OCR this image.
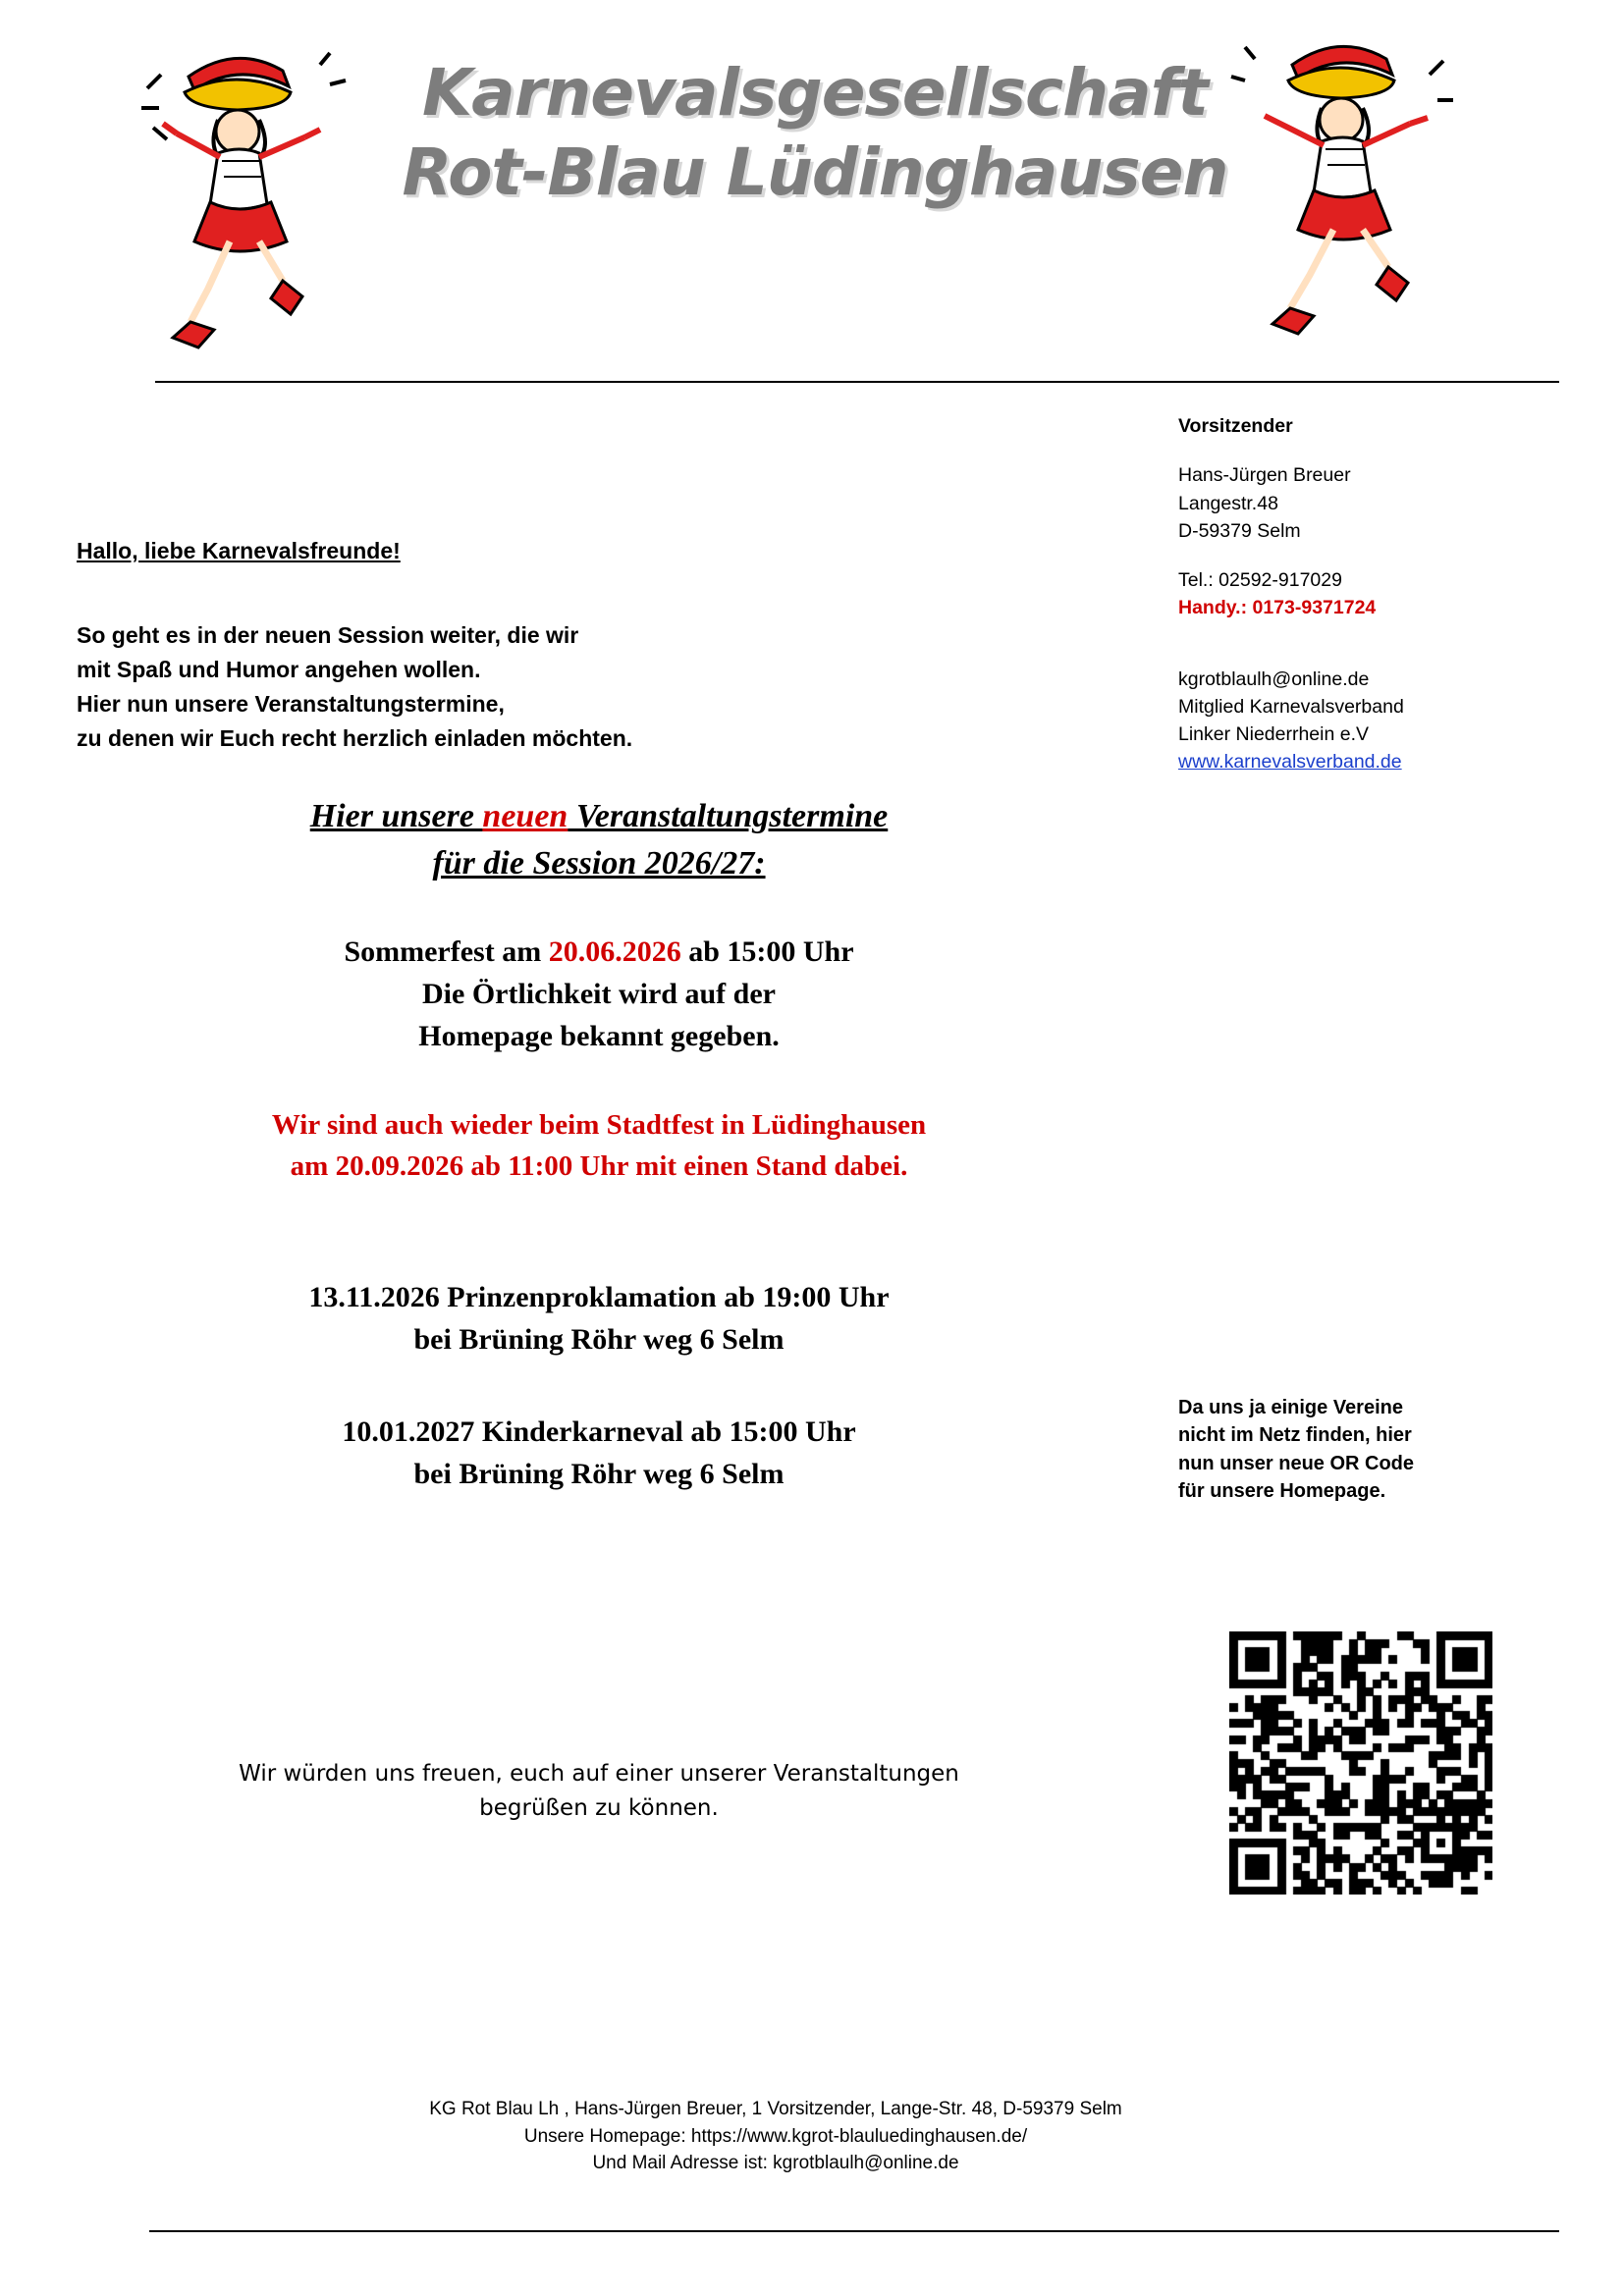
Karnevalsgesellschaft
Rot-Blau Lüdinghausen
Vorsitzender
Hans-Jürgen Breuer
Langestr.48
D-59379 Selm
Tel.: 02592-917029
Handy.: 0173-9371724
kgrotblaulh@online.de
Mitglied Karnevalsverband
Linker Niederrhein e.V
www.karnevalsverband.de
Da uns ja einige Vereine
nicht im Netz finden, hier
nun unser neue OR Code
für unsere Homepage.
Hallo, liebe Karnevalsfreunde!
So geht es in der neuen Session weiter, die wir
mit Spaß und Humor angehen wollen.
Hier nun unsere Veranstaltungstermine,
zu denen wir Euch recht herzlich einladen möchten.
Hier unsere neuen Veranstaltungstermine
für die Session 2026/27:
Sommerfest am 20.06.2026 ab 15:00 Uhr
Die Örtlichkeit wird auf der
Homepage bekannt gegeben.
Wir sind auch wieder beim Stadtfest in Lüdinghausen
am 20.09.2026 ab 11:00 Uhr mit einen Stand dabei.
13.11.2026 Prinzenproklamation ab 19:00 Uhr
bei Brüning Röhr weg 6 Selm
10.01.2027 Kinderkarneval ab 15:00 Uhr
bei Brüning Röhr weg 6 Selm
Wir würden uns freuen, euch auf einer unserer Veranstaltungen
begrüßen zu können.
KG Rot Blau Lh , Hans-Jürgen Breuer, 1 Vorsitzender, Lange-Str. 48, D-59379 Selm
Unsere Homepage: https://www.kgrot-blauluedinghausen.de/
Und Mail Adresse ist: kgrotblaulh@online.de
